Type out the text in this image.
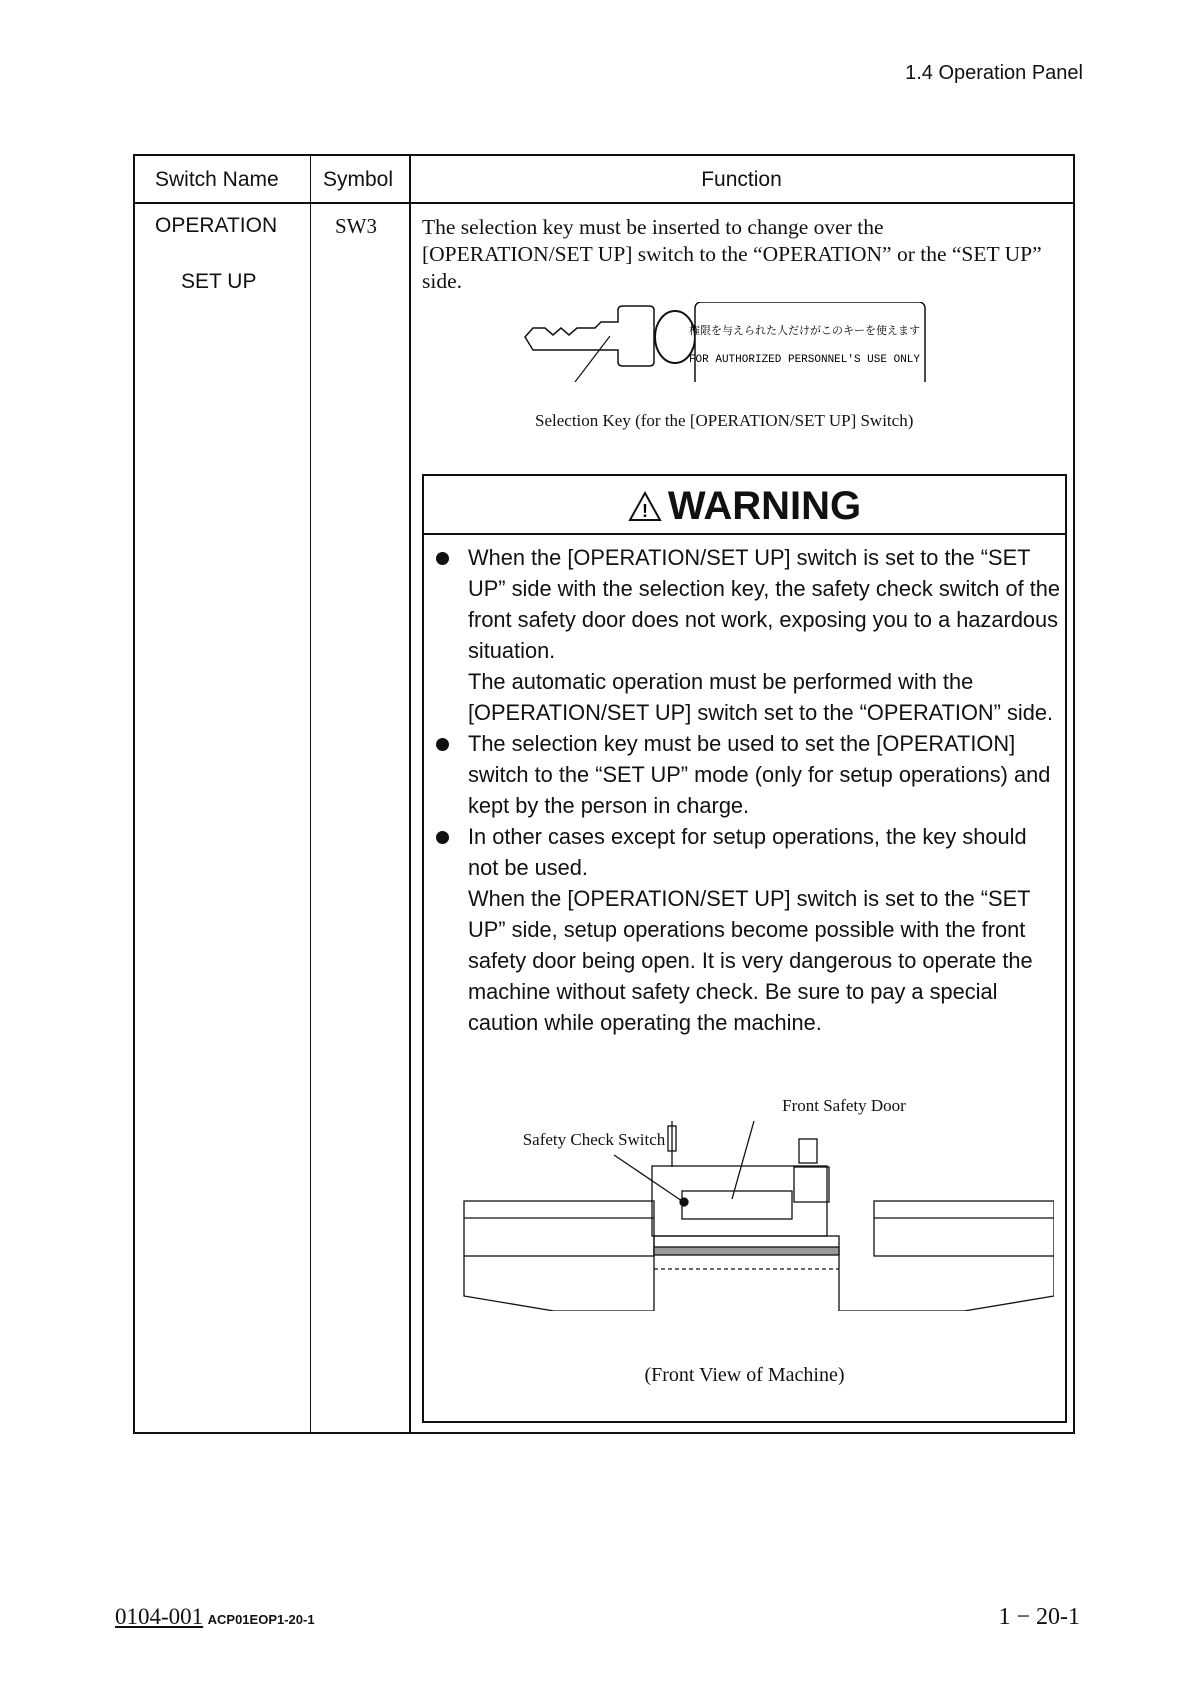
1.4 Operation Panel
Switch Name Symbol	Function
OPERATION
SET UP
SW3 The selection key must be inserted to change over the [OPERATION/SET UP] switch to the “OPERATION” or the “SET UP” side.
権限を与えられた人だけがこのキーを使えます
FOR AUTHORIZED PERSONNEL'S USE ONLY
Selection Key (for the [OPERATION/SET UP] Switch)
! WARNING

When the [OPERATION/SET UP] switch is set to the “SET UP” side with the selection key, the safety check switch of the front safety door does not work, exposing you to a hazardous situation.

The automatic operation must be performed with the [OPERATION/SET UP] switch set to the “OPERATION” side.

The selection key must be used to set the [OPERATION] switch to the “SET UP” mode (only for setup operations) and kept by the person in charge.

In other cases except for setup operations, the key should not be used.

When the [OPERATION/SET UP] switch is set to the “SET UP” side, setup operations become possible with the front safety door being open. It is very dangerous to operate the machine without safety check. Be sure to pay a special caution while operating the machine.

Front Safety Door
Safety Check Switch
(Front View of Machine)
0104-001 ACP01EOP1-20-1	1 − 20-1
